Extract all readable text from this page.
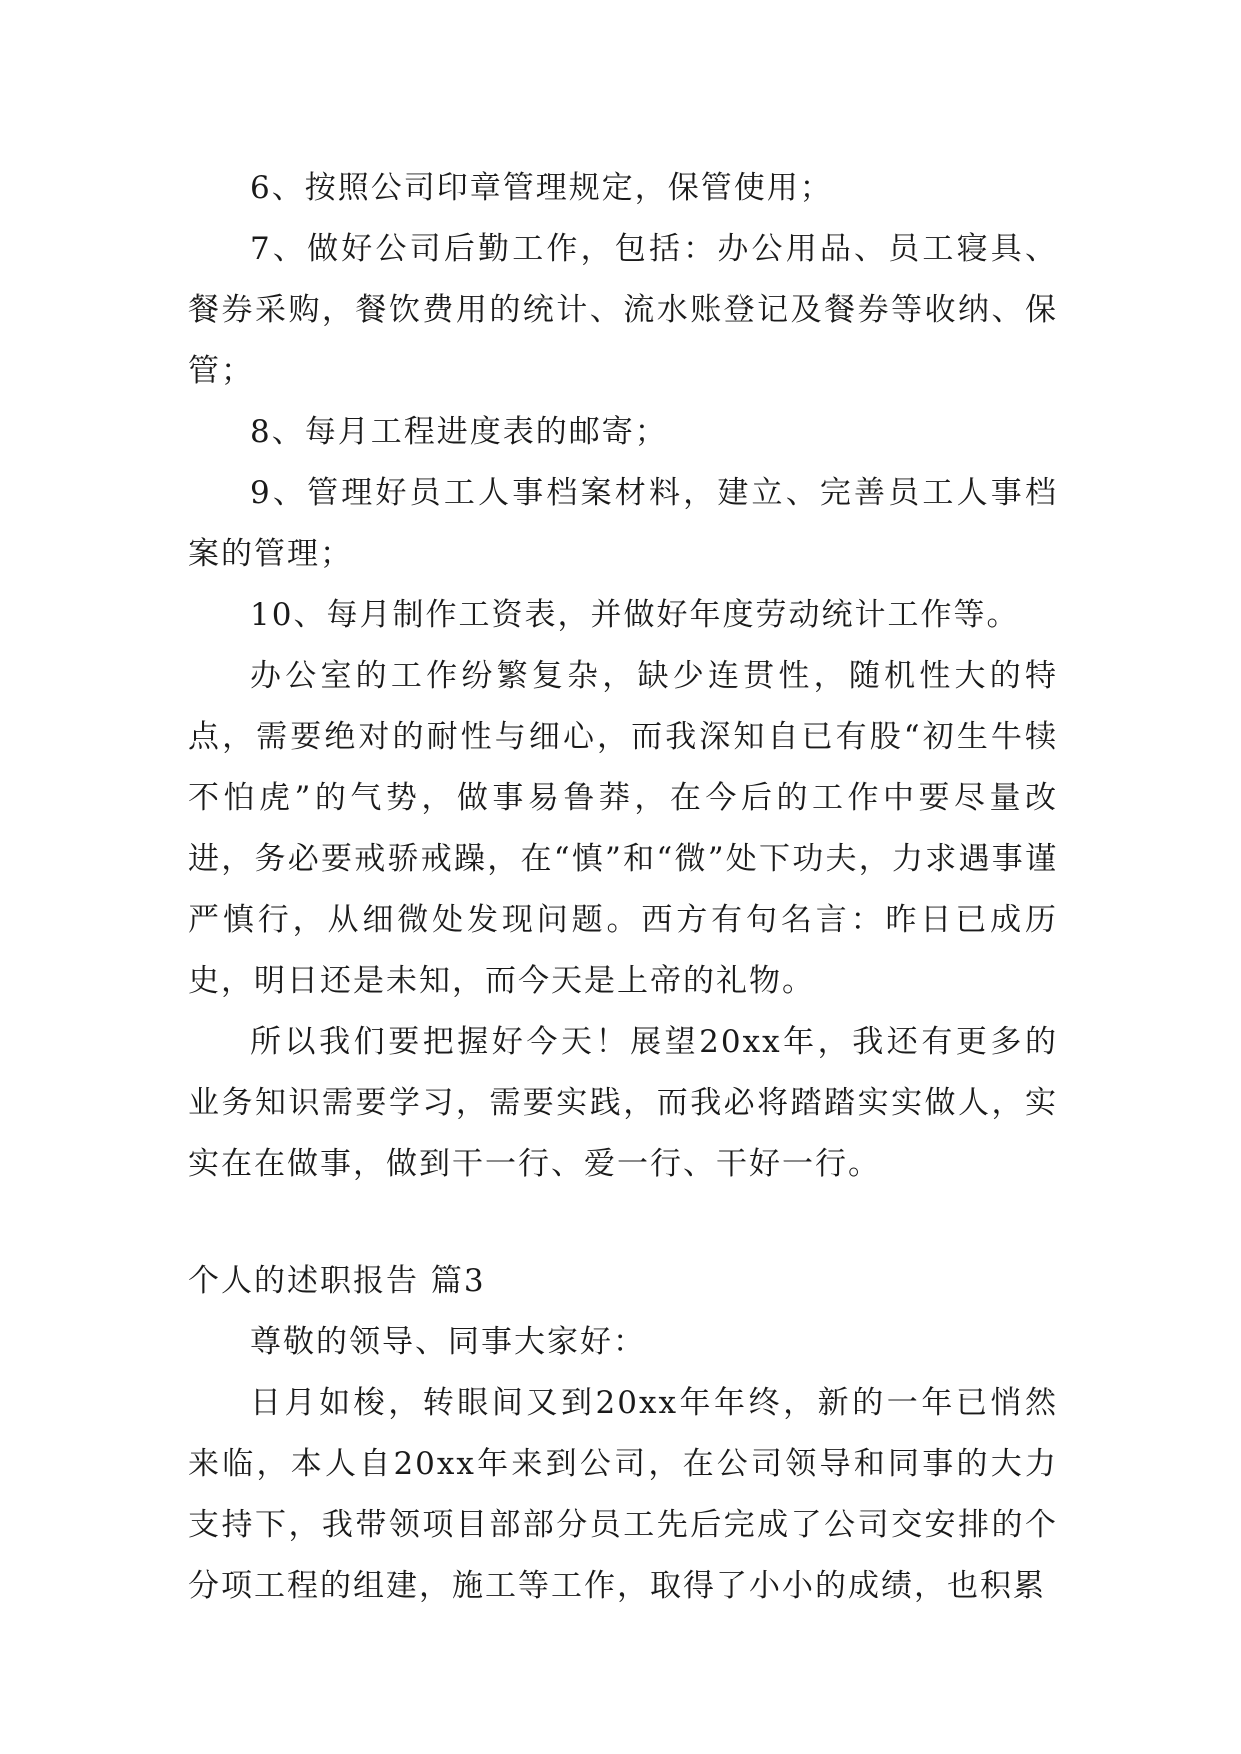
6、按照公司印章管理规定，保管使用；

7、做好公司后勤工作，包括：办公用品、员工寝具、餐券采购，餐饮费用的统计、流水账登记及餐券等收纳、保管；

8、每月工程进度表的邮寄；

9、管理好员工人事档案材料，建立、完善员工人事档案的管理；

10、每月制作工资表，并做好年度劳动统计工作等。

办公室的工作纷繁复杂，缺少连贯性，随机性大的特点，需要绝对的耐性与细心，而我深知自已有股“初生牛犊不怕虎”的气势，做事易鲁莽，在今后的工作中要尽量改进，务必要戒骄戒躁，在“慎”和“微”处下功夫，力求遇事谨严慎行，从细微处发现问题。西方有句名言：昨日已成历史，明日还是未知，而今天是上帝的礼物。

所以我们要把握好今天！展望20xx年，我还有更多的业务知识需要学习，需要实践，而我必将踏踏实实做人，实实在在做事，做到干一行、爱一行、干好一行。

个人的述职报告 篇3

尊敬的领导、同事大家好：

日月如梭，转眼间又到20xx年年终，新的一年已悄然来临，本人自20xx年来到公司，在公司领导和同事的大力支持下，我带领项目部部分员工先后完成了公司交安排的个分项工程的组建，施工等工作，取得了小小的成绩，也积累
